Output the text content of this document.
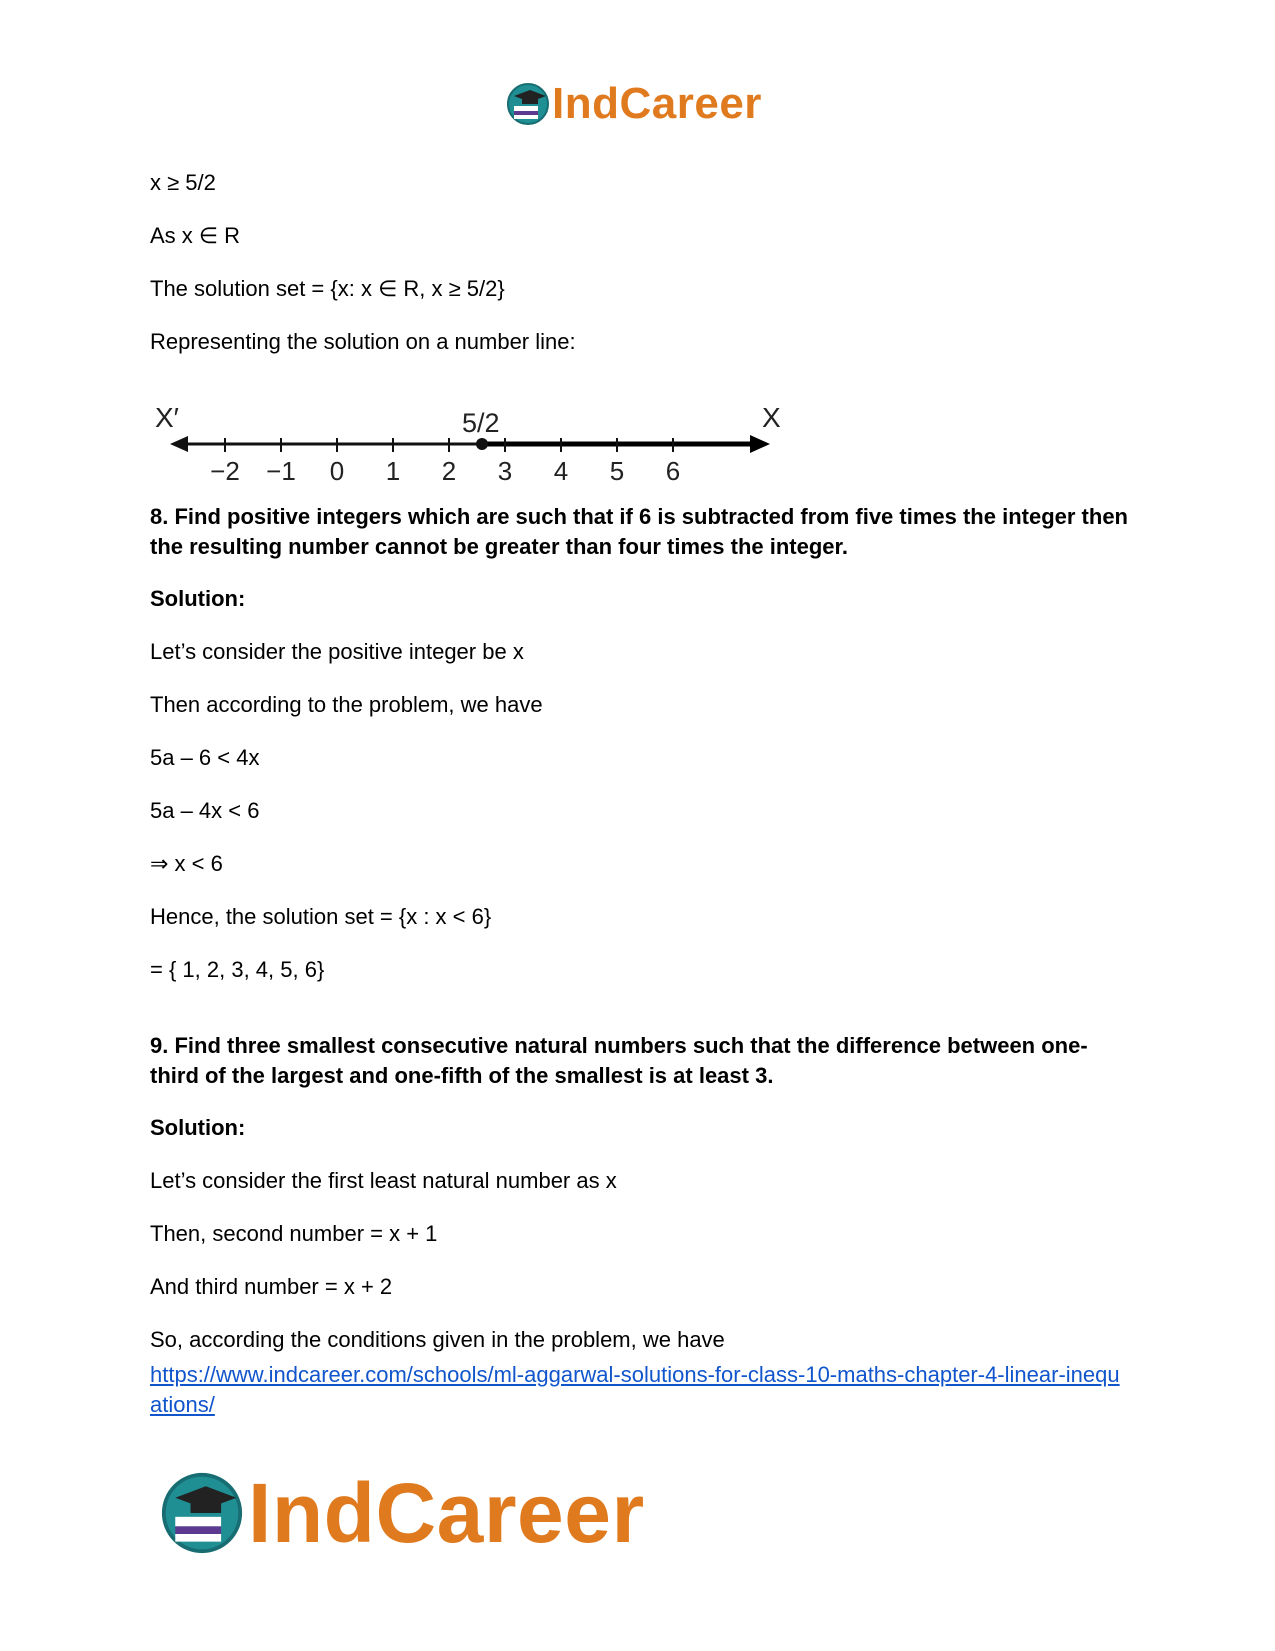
IndCareer
x ≥ 5/2
As x ∈ R
The solution set = {x: x ∈ R, x ≥ 5/2}
Representing the solution on a number line:
X′	X
5/2
−2 −1 0 1 2 3 4 5 6
8. Find positive integers which are such that if 6 is subtracted from five times the integer then the resulting number cannot be greater than four times the integer.
Solution:
Let’s consider the positive integer be x
Then according to the problem, we have
5a – 6 < 4x
5a – 4x < 6
⇒ x < 6
Hence, the solution set = {x : x < 6}
= { 1, 2, 3, 4, 5, 6}
9. Find three smallest consecutive natural numbers such that the difference between one-third of the largest and one-fifth of the smallest is at least 3.
Solution:
Let’s consider the first least natural number as x
Then, second number = x + 1
And third number = x + 2
So, according the conditions given in the problem, we have
https://www.indcareer.com/schools/ml-aggarwal-solutions-for-class-10-maths-chapter-4-linear-inequations/
IndCareer
